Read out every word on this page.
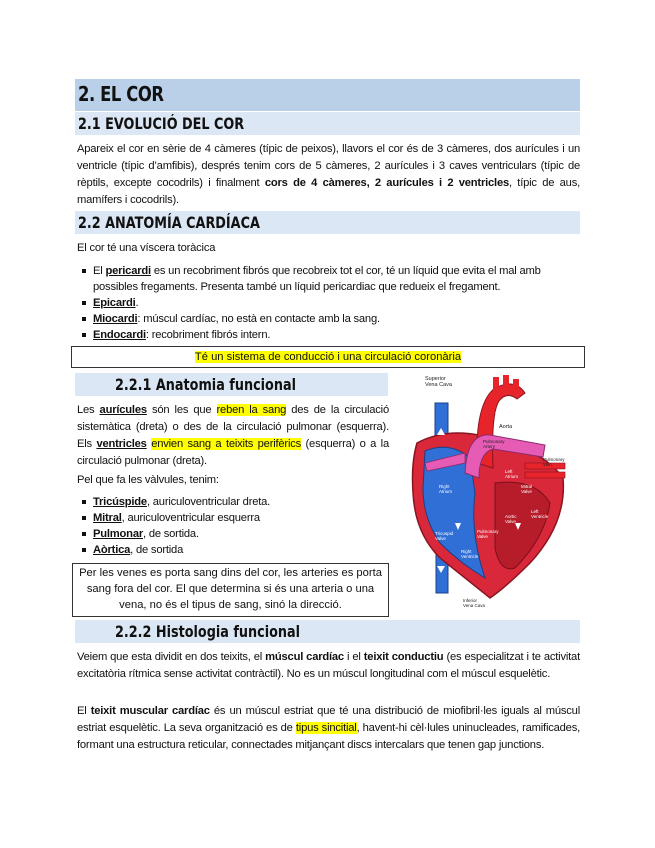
2. EL COR
2.1 EVOLUCIÓ DEL COR
Apareix el cor en sèrie de 4 càmeres (típic de peixos), llavors el cor és de 3 càmeres, dos aurícules i un ventricle (típic d’amfibis), després tenim cors de 5 càmeres, 2 aurícules i 3 caves ventriculars (típic de rèptils, excepte cocodrils) i finalment cors de 4 càmeres, 2 aurícules i 2 ventricles, típic de aus, mamífers i cocodrils).
2.2 ANATOMÍA CARDÍACA
El cor té una víscera toràcica
El pericardi es un recobriment fibrós que recobreix tot el cor, té un líquid que evita el mal amb possibles fregaments. Presenta també un líquid pericardiac que redueix el fregament.
Epicardi.
Miocardi: múscul cardíac, no està en contacte amb la sang.
Endocardi: recobriment fibrós intern.
Té un sistema de conducció i una circulació coronària
2.2.1 Anatomia funcional
Les aurícules són les que reben la sang des de la circulació sistemàtica (dreta) o des de la circulació pulmonar (esquerra). Els ventricles envien sang a teixits perifèrics (esquerra) o a la circulació pulmonar (dreta).
Pel que fa les vàlvules, tenim:
Tricúspide, auriculoventricular dreta.
Mitral, auriculoventricular esquerra
Pulmonar, de sortida.
Aòrtica, de sortida
Per les venes es porta sang dins del cor, les arteries es porta sang fora del cor. El que determina si és una arteria o una vena, no és el tipus de sang, sinó la direcció.
Superior Vena Cava
Aorta
Pulmonary Artery
Pulmonary Vein
Left Atrium
Right Atrium
Mitral Valve
Aortic Valve
Pulmonary Valve
Tricuspid Valve
Left Ventricle
Right Ventricle
Inferior Vena Cava
2.2.2 Histologia funcional
Veiem que esta dividit en dos teixits, el múscul cardíac i el teixit conductiu (es especialitzat i te activitat excitatòria rítmica sense activitat contràctil). No es un múscul longitudinal com el múscul esquelètic.
El teixit muscular cardíac és un múscul estriat que té una distribució de miofibril·les iguals al múscul estriat esquelètic. La seva organització es de tipus sincitial, havent-hi cèl·lules uninucleades, ramificades, formant una estructura reticular, connectades mitjançant discs intercalars que tenen gap junctions.
